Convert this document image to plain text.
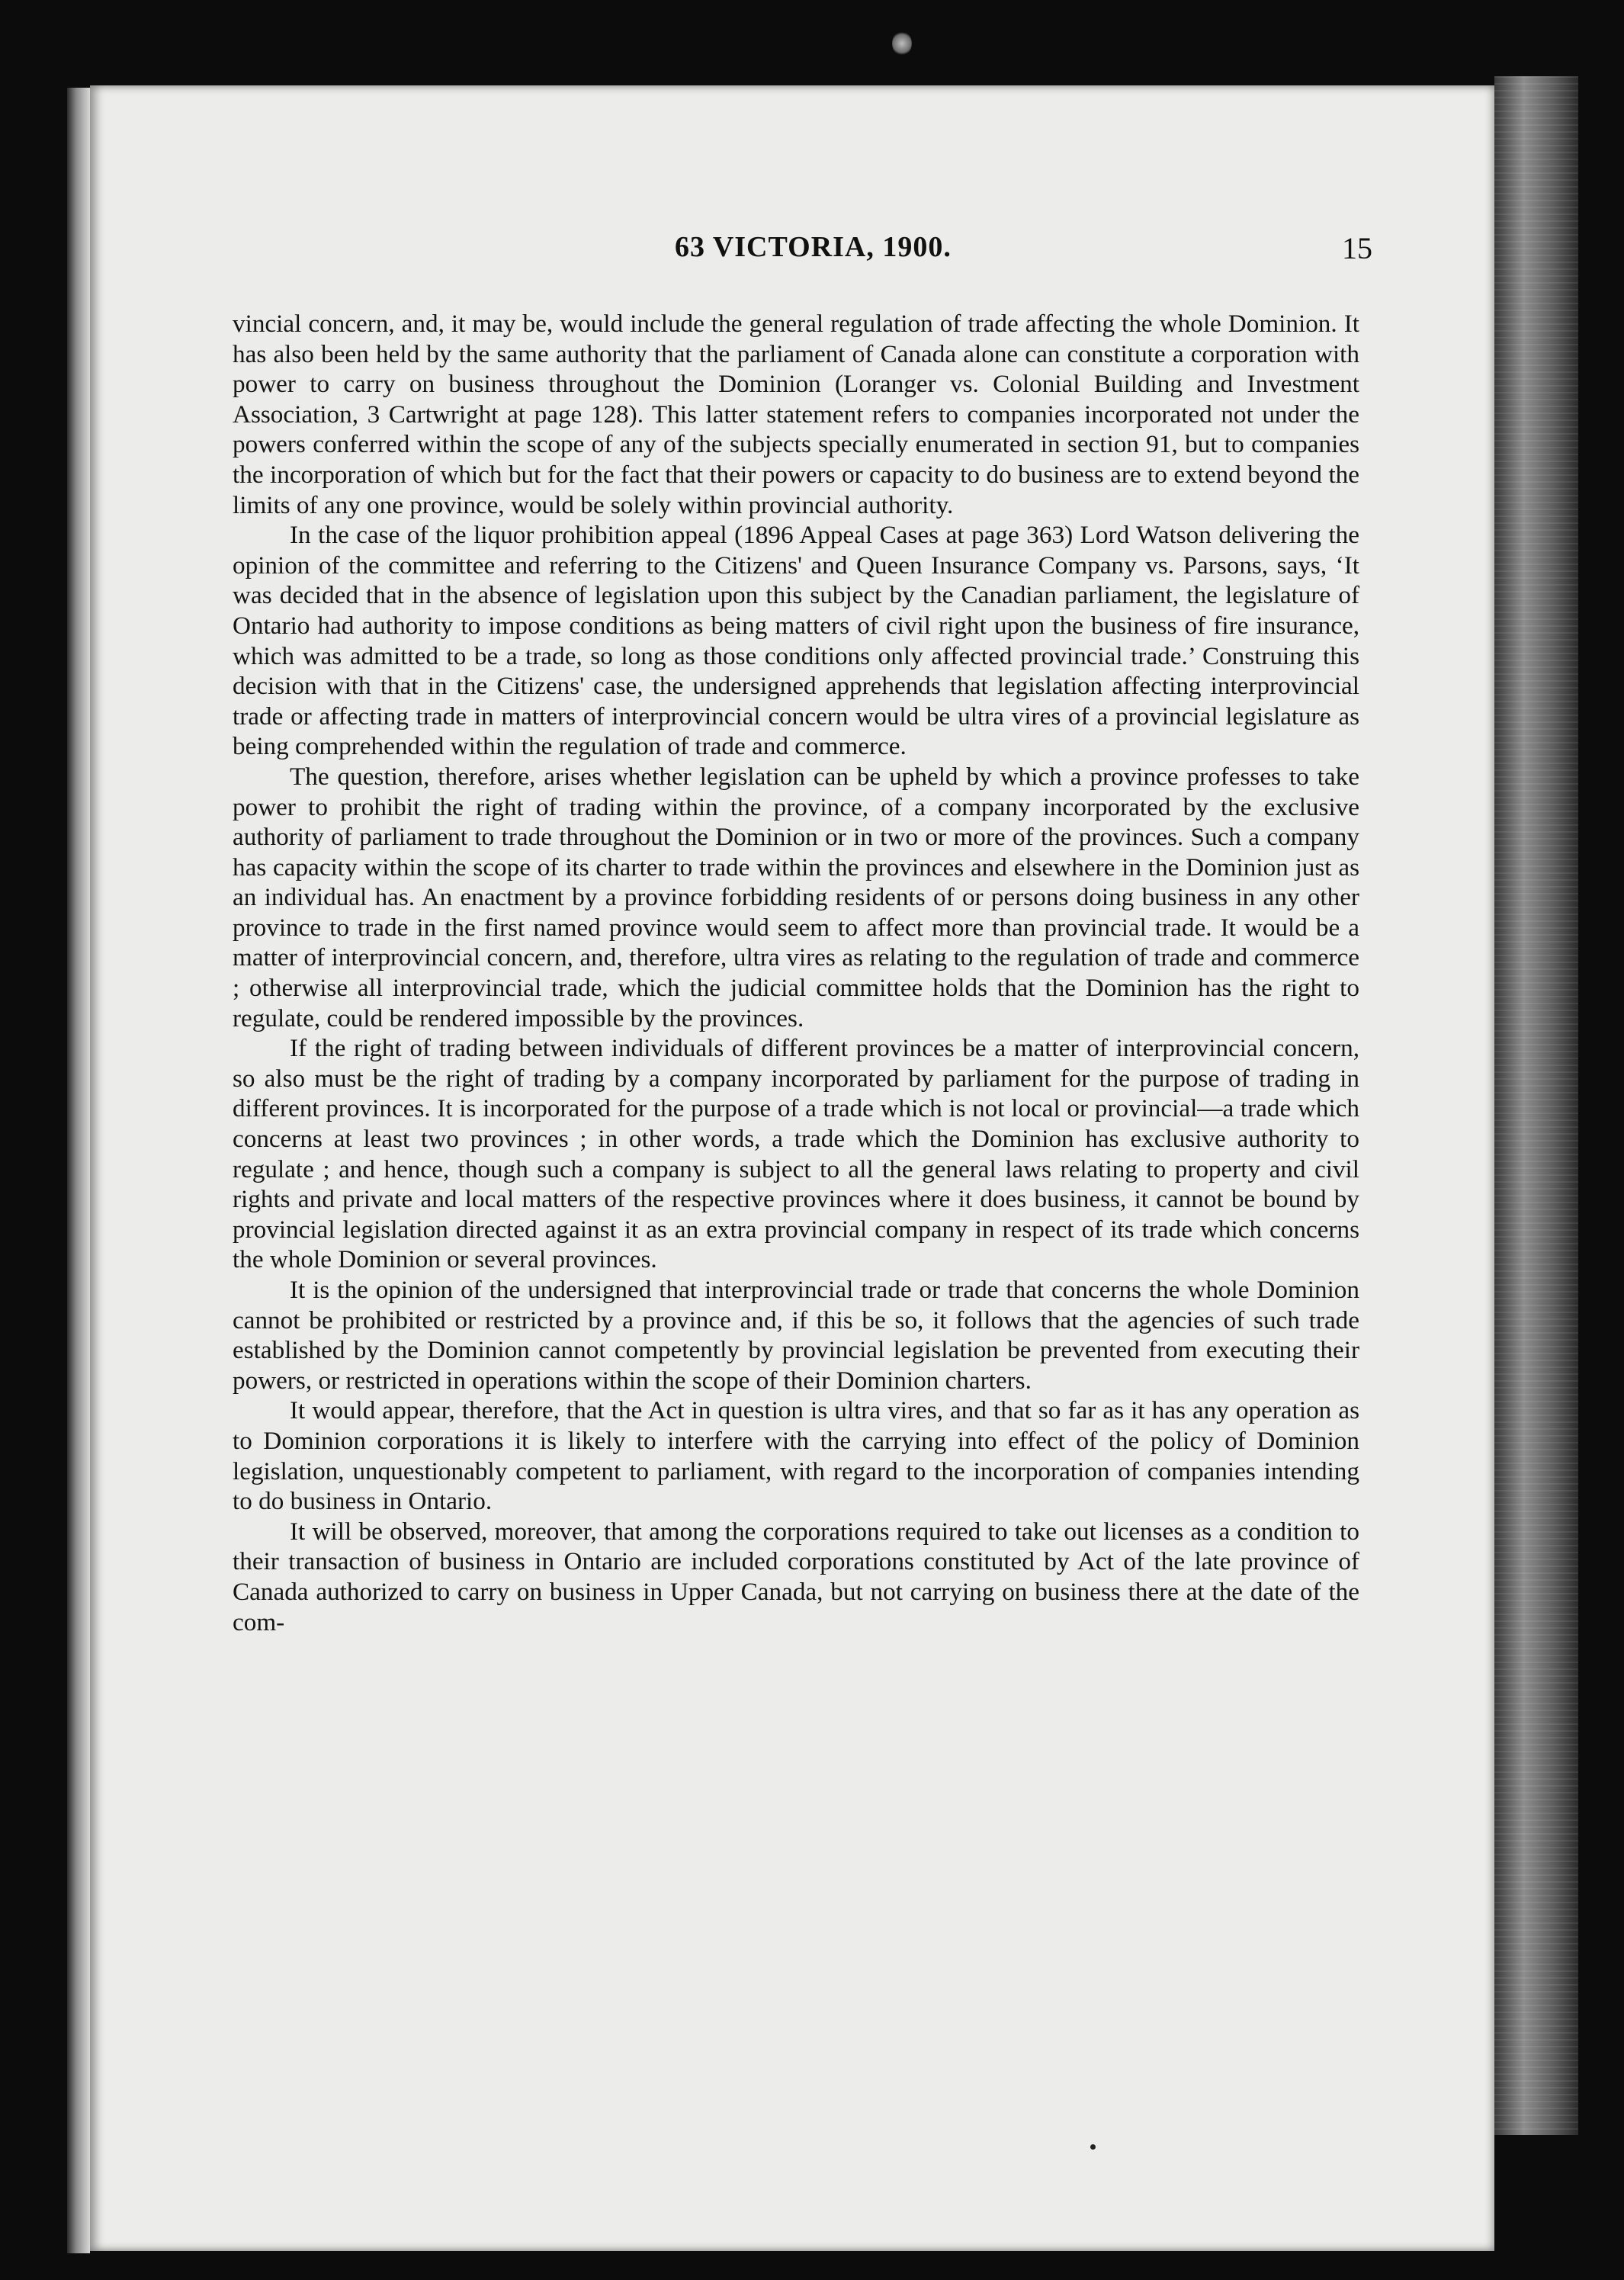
63 VICTORIA, 1900.	15

vincial concern, and, it may be, would include the general regulation of trade affecting the whole Dominion. It has also been held by the same authority that the parliament of Canada alone can constitute a corporation with power to carry on business throughout the Dominion (Loranger vs. Colonial Building and Investment Association, 3 Cartwright at page 128). This latter statement refers to companies incorporated not under the powers conferred within the scope of any of the subjects specially enumerated in section 91, but to companies the incorporation of which but for the fact that their powers or capacity to do business are to extend beyond the limits of any one province, would be solely within provincial authority.

In the case of the liquor prohibition appeal (1896 Appeal Cases at page 363) Lord Watson delivering the opinion of the committee and referring to the Citizens' and Queen Insurance Company vs. Parsons, says, ‘It was decided that in the absence of legislation upon this subject by the Canadian parliament, the legislature of Ontario had authority to impose conditions as being matters of civil right upon the business of fire insurance, which was admitted to be a trade, so long as those conditions only affected provincial trade.’ Construing this decision with that in the Citizens' case, the undersigned apprehends that legislation affecting interprovincial trade or affecting trade in matters of interprovincial concern would be ultra vires of a provincial legislature as being comprehended within the regulation of trade and commerce.

The question, therefore, arises whether legislation can be upheld by which a province professes to take power to prohibit the right of trading within the province, of a company incorporated by the exclusive authority of parliament to trade throughout the Dominion or in two or more of the provinces. Such a company has capacity within the scope of its charter to trade within the provinces and elsewhere in the Dominion just as an individual has. An enactment by a province forbidding residents of or persons doing business in any other province to trade in the first named province would seem to affect more than provincial trade. It would be a matter of interprovincial concern, and, therefore, ultra vires as relating to the regulation of trade and commerce ; otherwise all interprovincial trade, which the judicial committee holds that the Dominion has the right to regulate, could be rendered impossible by the provinces.

If the right of trading between individuals of different provinces be a matter of interprovincial concern, so also must be the right of trading by a company incorporated by parliament for the purpose of trading in different provinces. It is incorporated for the purpose of a trade which is not local or provincial—a trade which concerns at least two provinces ; in other words, a trade which the Dominion has exclusive authority to regulate ; and hence, though such a company is subject to all the general laws relating to property and civil rights and private and local matters of the respective provinces where it does business, it cannot be bound by provincial legislation directed against it as an extra provincial company in respect of its trade which concerns the whole Dominion or several provinces.

It is the opinion of the undersigned that interprovincial trade or trade that concerns the whole Dominion cannot be prohibited or restricted by a province and, if this be so, it follows that the agencies of such trade established by the Dominion cannot competently by provincial legislation be prevented from executing their powers, or restricted in operations within the scope of their Dominion charters.

It would appear, therefore, that the Act in question is ultra vires, and that so far as it has any operation as to Dominion corporations it is likely to interfere with the carrying into effect of the policy of Dominion legislation, unquestionably competent to parliament, with regard to the incorporation of companies intending to do business in Ontario.

It will be observed, moreover, that among the corporations required to take out licenses as a condition to their transaction of business in Ontario are included corporations constituted by Act of the late province of Canada authorized to carry on business in Upper Canada, but not carrying on business there at the date of the com-
